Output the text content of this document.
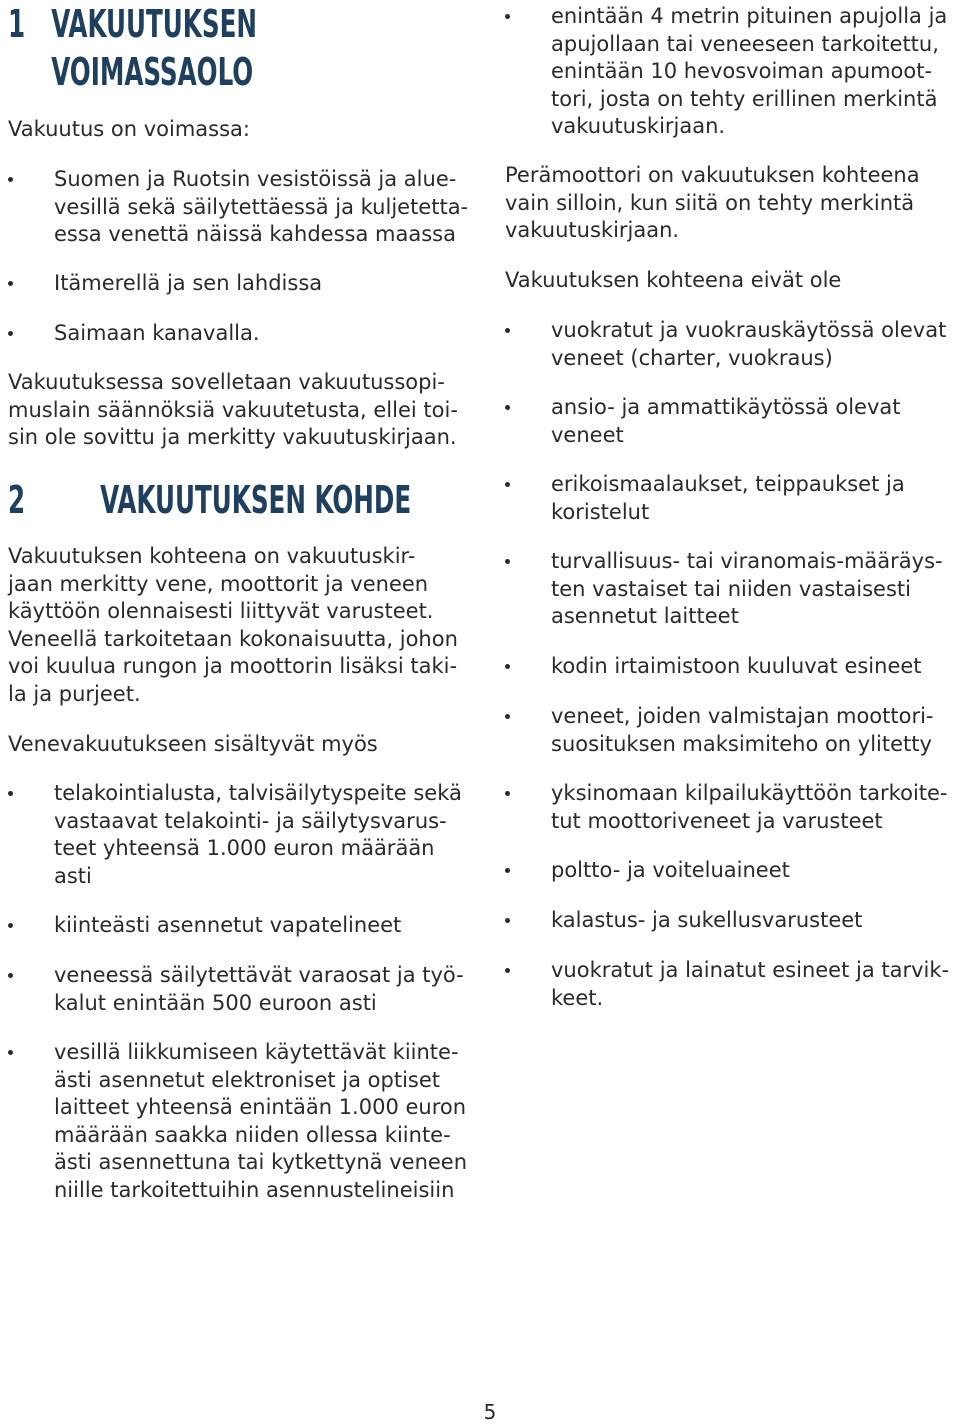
1 VAKUUTUKSEN
VOIMASSAOLO

Vakuutus on voimassa:

Suomen ja Ruotsin vesistöissä ja alue-
vesillä sekä säilytettäessä ja kuljetetta-
essa venettä näissä kahdessa maassa
Itämerellä ja sen lahdissa
Saimaan kanavalla.

Vakuutuksessa sovelletaan vakuutussopi-
muslain säännöksiä vakuutetusta, ellei toi-
sin ole sovittu ja merkitty vakuutuskirjaan.

2 VAKUUTUKSEN KOHDE

Vakuutuksen kohteena on vakuutuskir-
jaan merkitty vene, moottorit ja veneen
käyttöön olennaisesti liittyvät varusteet.
Veneellä tarkoitetaan kokonaisuutta, johon
voi kuulua rungon ja moottorin lisäksi taki-
la ja purjeet.

Venevakuutukseen sisältyvät myös

telakointialusta, talvisäilytyspeite sekä
vastaavat telakointi- ja säilytysvarus-
teet yhteensä 1.000 euron määrään
asti
kiinteästi asennetut vapatelineet
veneessä säilytettävät varaosat ja työ-
kalut enintään 500 euroon asti
vesillä liikkumiseen käytettävät kiinte-
ästi asennetut elektroniset ja optiset
laitteet yhteensä enintään 1.000 euron
määrään saakka niiden ollessa kiinte-
ästi asennettuna tai kytkettynä veneen
niille tarkoitettuihin asennustelineisiin
enintään 4 metrin pituinen apujolla ja
apujollaan tai veneeseen tarkoitettu,
enintään 10 hevosvoiman apumoot-
tori, josta on tehty erillinen merkintä
vakuutuskirjaan.

Perämoottori on vakuutuksen kohteena
vain silloin, kun siitä on tehty merkintä
vakuutuskirjaan.

Vakuutuksen kohteena eivät ole

vuokratut ja vuokrauskäytössä olevat
veneet (charter, vuokraus)
ansio- ja ammattikäytössä olevat
veneet
erikoismaalaukset, teippaukset ja
koristelut
turvallisuus- tai viranomais-määräys-
ten vastaiset tai niiden vastaisesti
asennetut laitteet
kodin irtaimistoon kuuluvat esineet
veneet, joiden valmistajan moottori-
suosituksen maksimiteho on ylitetty
yksinomaan kilpailukäyttöön tarkoite-
tut moottoriveneet ja varusteet
poltto- ja voiteluaineet
kalastus- ja sukellusvarusteet
vuokratut ja lainatut esineet ja tarvik-
keet.
5
